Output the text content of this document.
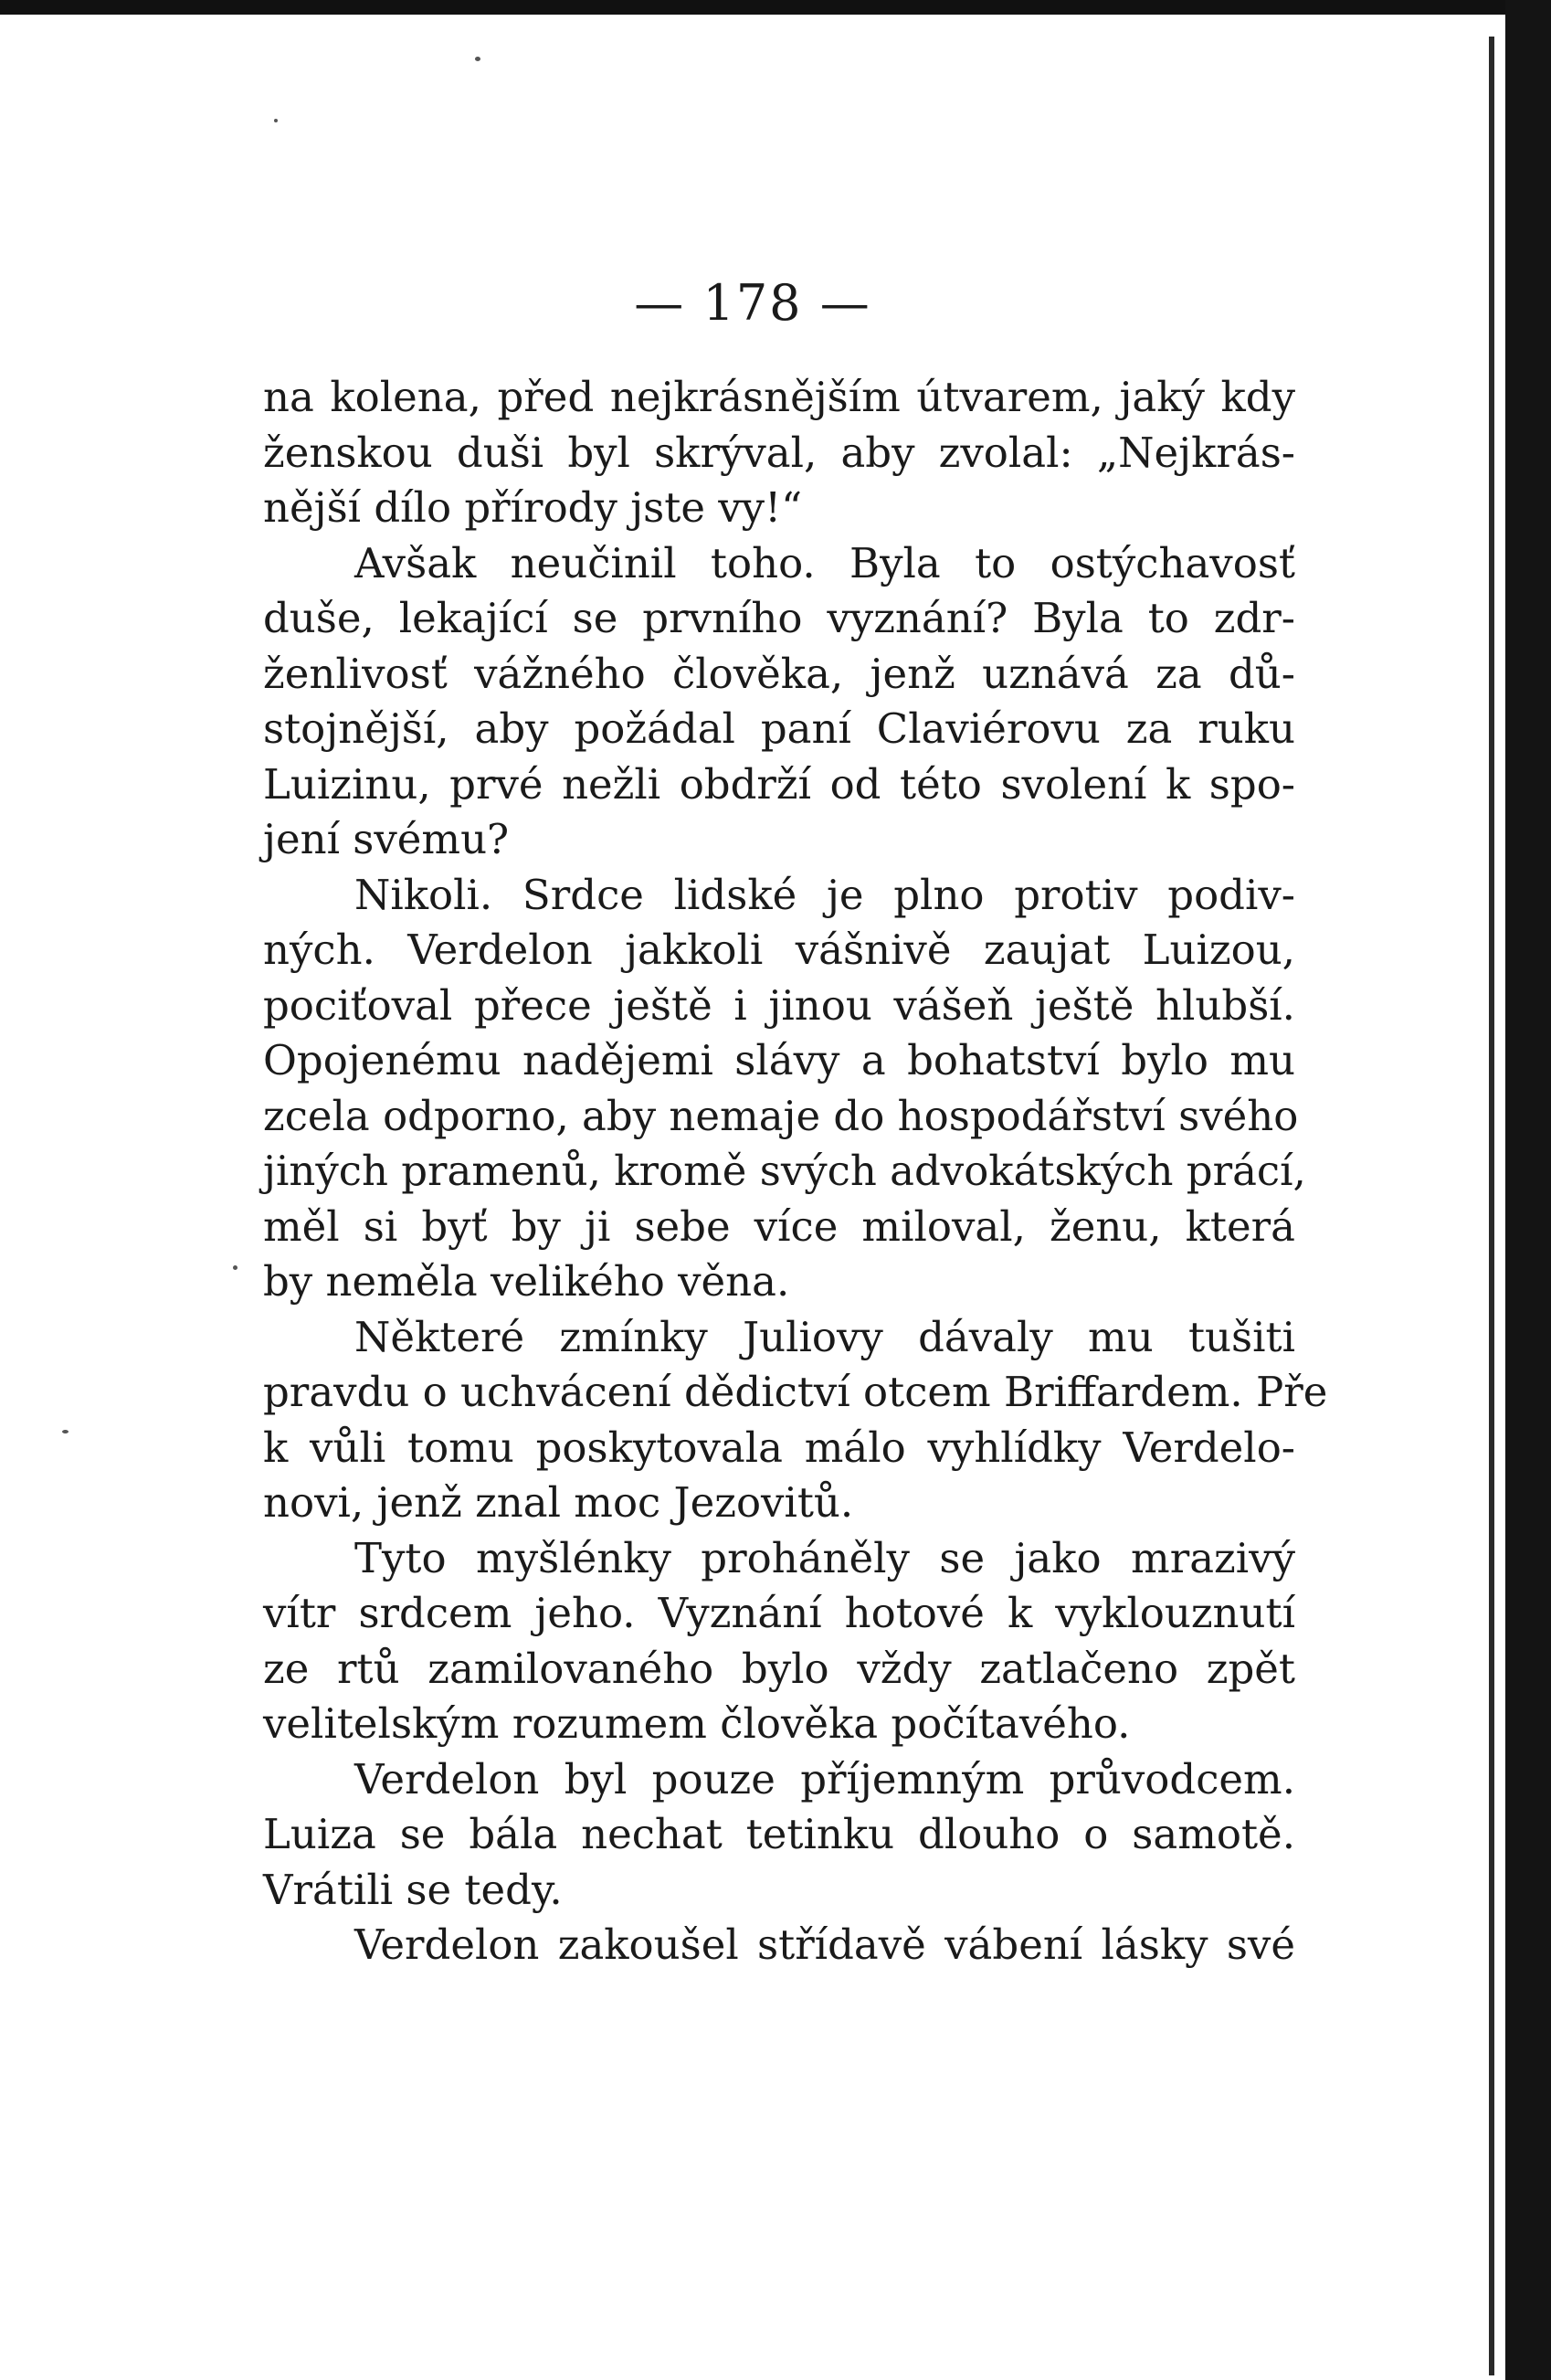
— 178 —
na kolena, před nejkrásnějším útvarem, jaký kdy
ženskou duši byl skrýval, aby zvolal: „Nejkrás-
nější dílo přírody jste vy!“
Avšak neučinil toho. Byla to ostýchavosť
duše, lekající se prvního vyznání? Byla to zdr-
ženlivosť vážného člověka, jenž uznává za dů-
stojnější, aby požádal paní Claviérovu za ruku
Luizinu, prvé nežli obdrží od této svolení k spo-
jení svému?
Nikoli. Srdce lidské je plno protiv podiv-
ných. Verdelon jakkoli vášnivě zaujat Luizou,
pociťoval přece ještě i jinou vášeň ještě hlubší.
Opojenému nadějemi slávy a bohatství bylo mu
zcela odporno, aby nemaje do hospodářství svého
jiných pramenů, kromě svých advokátských prácí,
měl si byť by ji sebe více miloval, ženu, která
by neměla velikého věna.
Některé zmínky Juliovy dávaly mu tušiti
pravdu o uchvácení dědictví otcem Briffardem. Pře
k vůli tomu poskytovala málo vyhlídky Verdelo-
novi, jenž znal moc Jezovitů.
Tyto myšlénky proháněly se jako mrazivý
vítr srdcem jeho. Vyznání hotové k vyklouznutí
ze rtů zamilovaného bylo vždy zatlačeno zpět
velitelským rozumem člověka počítavého.
Verdelon byl pouze příjemným průvodcem.
Luiza se bála nechat tetinku dlouho o samotě.
Vrátili se tedy.
Verdelon zakoušel střídavě vábení lásky své
